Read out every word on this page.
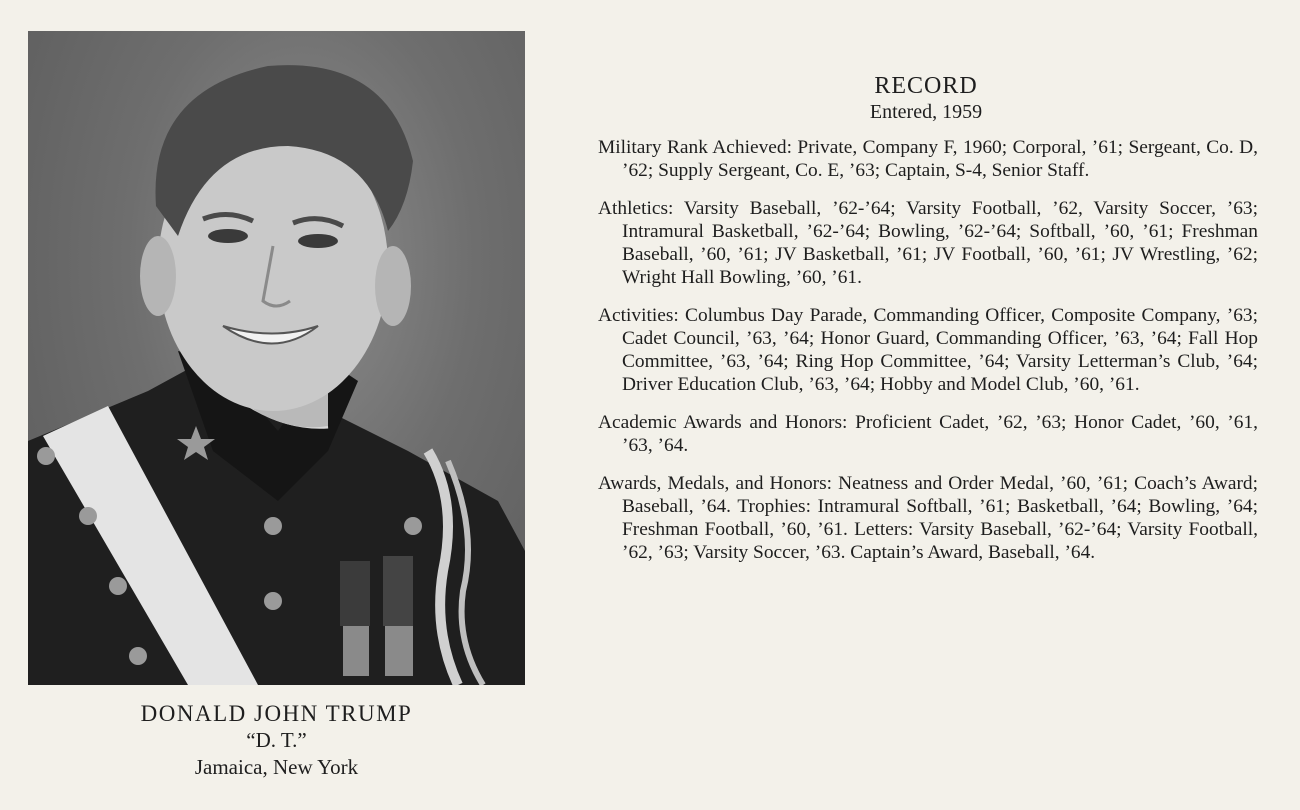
DONALD JOHN TRUMP
“D. T.”
Jamaica, New York
RECORD
Entered, 1959

Military Rank Achieved: Private, Company F, 1960; Corporal, ’61; Sergeant, Co. D, ’62; Supply Sergeant, Co. E, ’63; Captain, S-4, Senior Staff.

Athletics: Varsity Baseball, ’62-’64; Varsity Football, ’62, Varsity Soccer, ’63; Intramural Basketball, ’62-’64; Bowling, ’62-’64; Softball, ’60, ’61; Freshman Baseball, ’60, ’61; JV Basketball, ’61; JV Football, ’60, ’61; JV Wrestling, ’62; Wright Hall Bowling, ’60, ’61.

Activities: Columbus Day Parade, Commanding Officer, Composite Company, ’63; Cadet Council, ’63, ’64; Honor Guard, Commanding Officer, ’63, ’64; Fall Hop Committee, ’63, ’64; Ring Hop Committee, ’64; Varsity Letterman’s Club, ’64; Driver Education Club, ’63, ’64; Hobby and Model Club, ’60, ’61.

Academic Awards and Honors: Proficient Cadet, ’62, ’63; Honor Cadet, ’60, ’61, ’63, ’64.

Awards, Medals, and Honors: Neatness and Order Medal, ’60, ’61; Coach’s Award; Baseball, ’64. Trophies: Intramural Softball, ’61; Basketball, ’64; Bowling, ’64; Freshman Football, ’60, ’61. Letters: Varsity Baseball, ’62-’64; Varsity Football, ’62, ’63; Varsity Soccer, ’63. Captain’s Award, Baseball, ’64.
